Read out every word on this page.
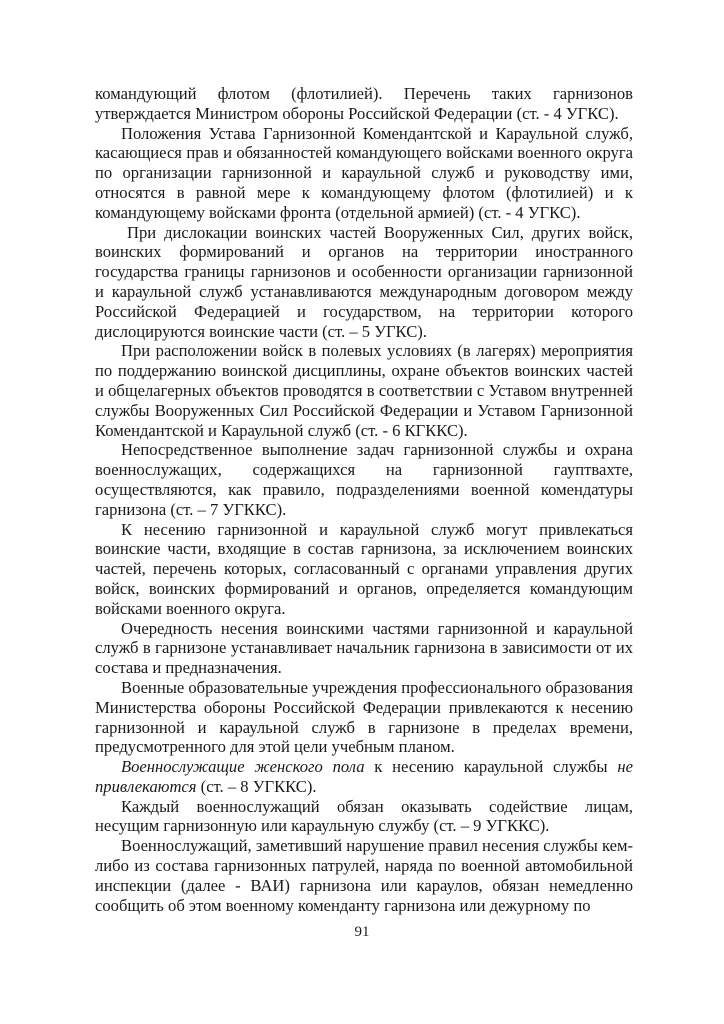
командующий флотом (флотилией). Перечень таких гарнизонов утверждается Министром обороны Российской Федерации (ст. - 4 УГКС).

Положения Устава Гарнизонной Комендантской и Караульной служб, касающиеся прав и обязанностей командующего войсками военного округа по организации гарнизонной и караульной служб и руководству ими, относятся в равной мере к командующему флотом (флотилией) и к командующему войсками фронта (отдельной армией) (ст. - 4 УГКС).

При дислокации воинских частей Вооруженных Сил, других войск, воинских формирований и органов на территории иностранного государства границы гарнизонов и особенности организации гарнизонной и караульной служб устанавливаются международным договором между Российской Федерацией и государством, на территории которого дислоцируются воинские части (ст. – 5 УГКС).

При расположении войск в полевых условиях (в лагерях) мероприятия по поддержанию воинской дисциплины, охране объектов воинских частей и общелагерных объектов проводятся в соответствии с Уставом внутренней службы Вооруженных Сил Российской Федерации и Уставом Гарнизонной Комендантской и Караульной служб (ст. - 6 КГККС).

Непосредственное выполнение задач гарнизонной службы и охрана военнослужащих, содержащихся на гарнизонной гауптвахте, осуществляются, как правило, подразделениями военной комендатуры гарнизона (ст. – 7 УГККС).

К несению гарнизонной и караульной служб могут привлекаться воинские части, входящие в состав гарнизона, за исключением воинских частей, перечень которых, согласованный с органами управления других войск, воинских формирований и органов, определяется командующим войсками военного округа.

Очередность несения воинскими частями гарнизонной и караульной служб в гарнизоне устанавливает начальник гарнизона в зависимости от их состава и предназначения.

Военные образовательные учреждения профессионального образования Министерства обороны Российской Федерации привлекаются к несению гарнизонной и караульной служб в гарнизоне в пределах времени, предусмотренного для этой цели учебным планом.

Военнослужащие женского пола к несению караульной службы не привлекаются (ст. – 8 УГККС).

Каждый военнослужащий обязан оказывать содействие лицам, несущим гарнизонную или караульную службу (ст. – 9 УГККС).

Военнослужащий, заметивший нарушение правил несения службы кем-либо из состава гарнизонных патрулей, наряда по военной автомобильной инспекции (далее - ВАИ) гарнизона или караулов, обязан немедленно сообщить об этом военному коменданту гарнизона или дежурному по

91
